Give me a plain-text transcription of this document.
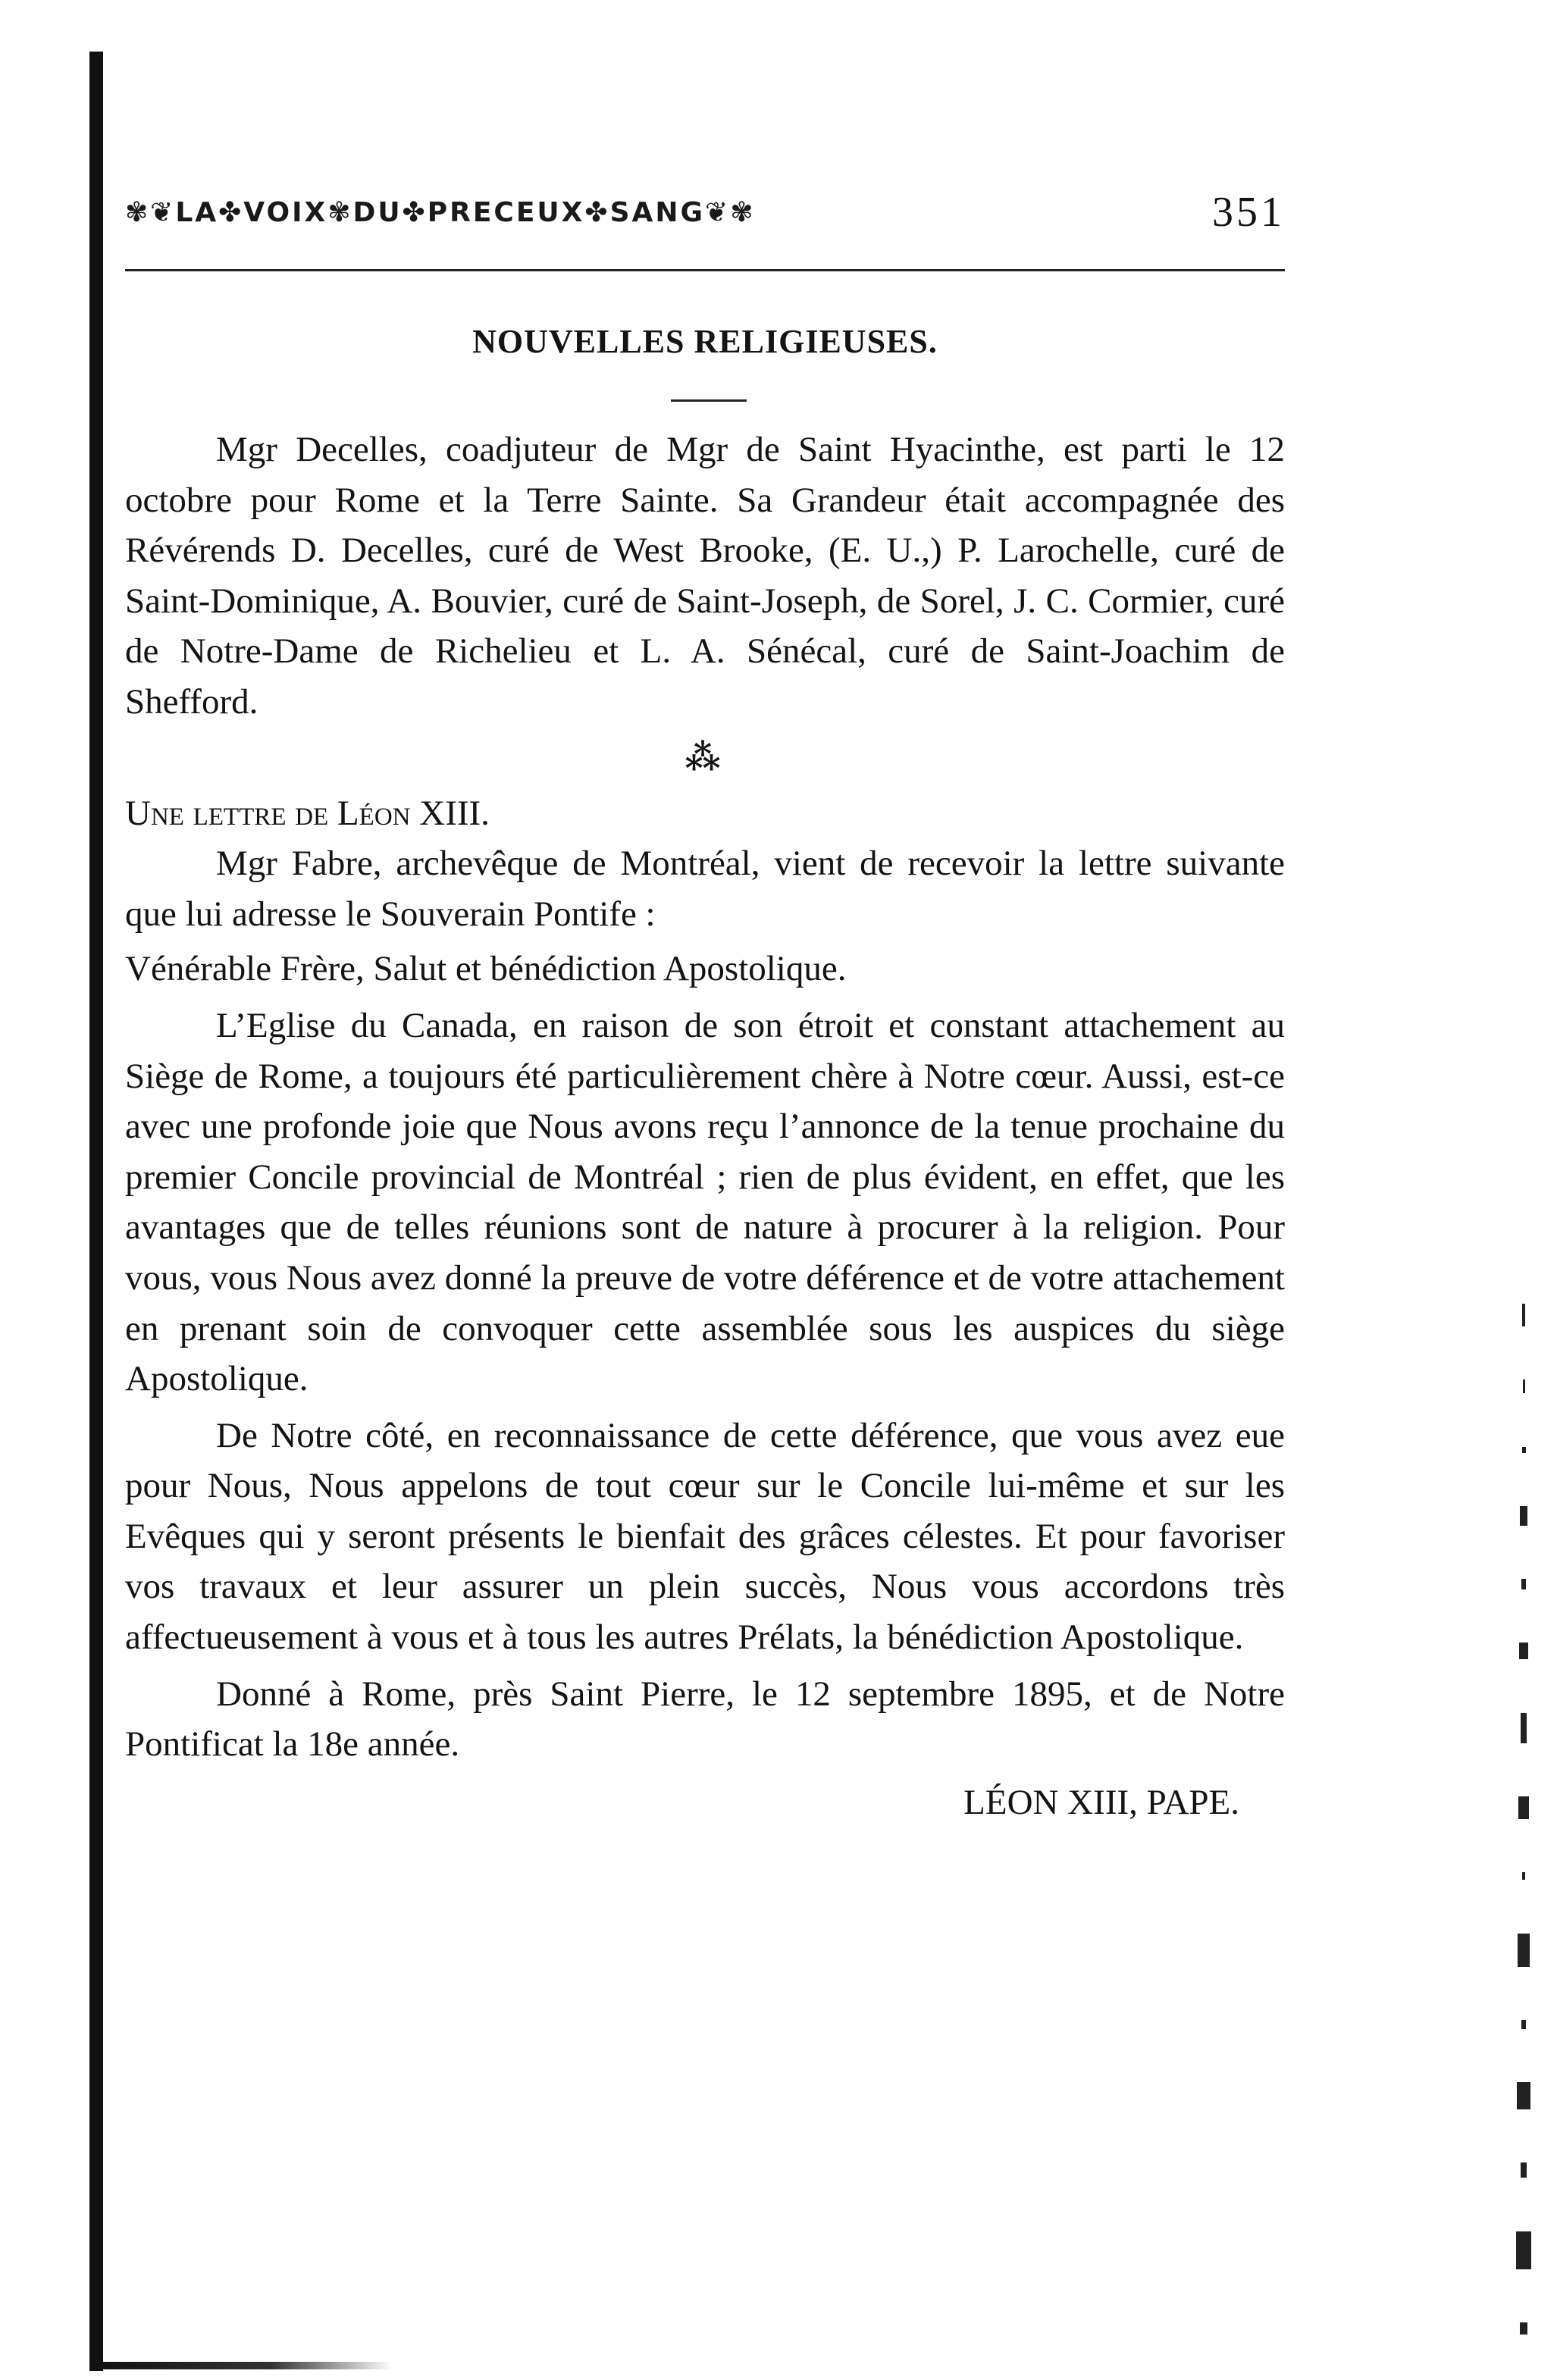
✾❦LA✤VOIX✾DU✤PRECEUX✤SANG❦✾	351
NOUVELLES RELIGIEUSES.

Mgr Decelles, coadjuteur de Mgr de Saint Hyacinthe, est parti le 12 octobre pour Rome et la Terre Sainte. Sa Grandeur était accompagnée des Révérends D. Decelles, curé de West Brooke, (E. U.,) P. Larochelle, curé de Saint-Dominique, A. Bouvier, curé de Saint-Joseph, de Sorel, J. C. Cormier, curé de Notre-Dame de Richelieu et L. A. Sénécal, curé de Saint-Joachim de Shefford.

⁂

Une lettre de Léon XIII.

Mgr Fabre, archevêque de Montréal, vient de recevoir la lettre suivante que lui adresse le Souverain Pontife :

Vénérable Frère, Salut et bénédiction Apostolique.

L’Eglise du Canada, en raison de son étroit et constant attachement au Siège de Rome, a toujours été particulièrement chère à Notre cœur. Aussi, est-ce avec une profonde joie que Nous avons reçu l’annonce de la tenue prochaine du premier Concile provincial de Montréal ; rien de plus évident, en effet, que les avantages que de telles réunions sont de nature à procurer à la religion. Pour vous, vous Nous avez donné la preuve de votre déférence et de votre attachement en prenant soin de convoquer cette assemblée sous les auspices du siège Apostolique.

De Notre côté, en reconnaissance de cette déférence, que vous avez eue pour Nous, Nous appelons de tout cœur sur le Concile lui-même et sur les Evêques qui y seront présents le bienfait des grâces célestes. Et pour favoriser vos travaux et leur assurer un plein succès, Nous vous accordons très affectueusement à vous et à tous les autres Prélats, la bénédiction Apostolique.

Donné à Rome, près Saint Pierre, le 12 septembre 1895, et de Notre Pontificat la 18e année.

LÉON XIII, PAPE.
